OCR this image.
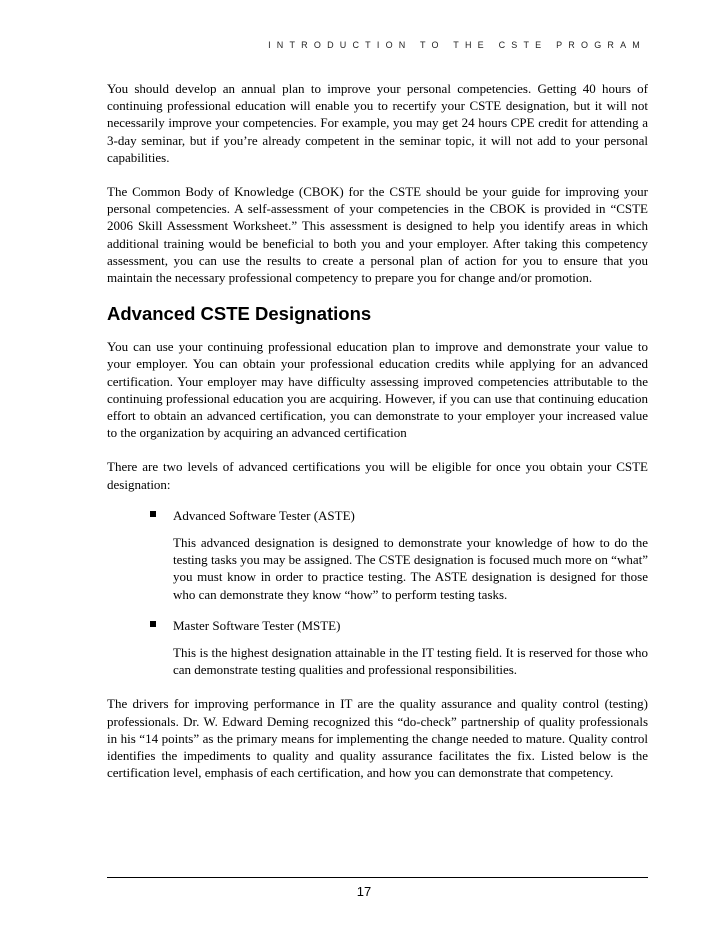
INTRODUCTION TO THE CSTE PROGRAM

You should develop an annual plan to improve your personal competencies. Getting 40 hours of continuing professional education will enable you to recertify your CSTE designation, but it will not necessarily improve your competencies. For example, you may get 24 hours CPE credit for attending a 3-day seminar, but if you’re already competent in the seminar topic, it will not add to your personal capabilities.

The Common Body of Knowledge (CBOK) for the CSTE should be your guide for improving your personal competencies. A self-assessment of your competencies in the CBOK is provided in “CSTE 2006 Skill Assessment Worksheet.” This assessment is designed to help you identify areas in which additional training would be beneficial to both you and your employer. After taking this competency assessment, you can use the results to create a personal plan of action for you to ensure that you maintain the necessary professional competency to prepare you for change and/or promotion.

Advanced CSTE Designations

You can use your continuing professional education plan to improve and demonstrate your value to your employer. You can obtain your professional education credits while applying for an advanced certification. Your employer may have difficulty assessing improved competencies attributable to the continuing professional education you are acquiring. However, if you can use that continuing education effort to obtain an advanced certification, you can demonstrate to your employer your increased value to the organization by acquiring an advanced certification

There are two levels of advanced certifications you will be eligible for once you obtain your CSTE designation:

Advanced Software Tester (ASTE)

This advanced designation is designed to demonstrate your knowledge of how to do the testing tasks you may be assigned. The CSTE designation is focused much more on “what” you must know in order to practice testing. The ASTE designation is designed for those who can demonstrate they know “how” to perform testing tasks.

Master Software Tester (MSTE)

This is the highest designation attainable in the IT testing field. It is reserved for those who can demonstrate testing qualities and professional responsibilities.

The drivers for improving performance in IT are the quality assurance and quality control (testing) professionals. Dr. W. Edward Deming recognized this “do-check” partnership of quality professionals in his “14 points” as the primary means for implementing the change needed to mature. Quality control identifies the impediments to quality and quality assurance facilitates the fix. Listed below is the certification level, emphasis of each certification, and how you can demonstrate that competency.

17
